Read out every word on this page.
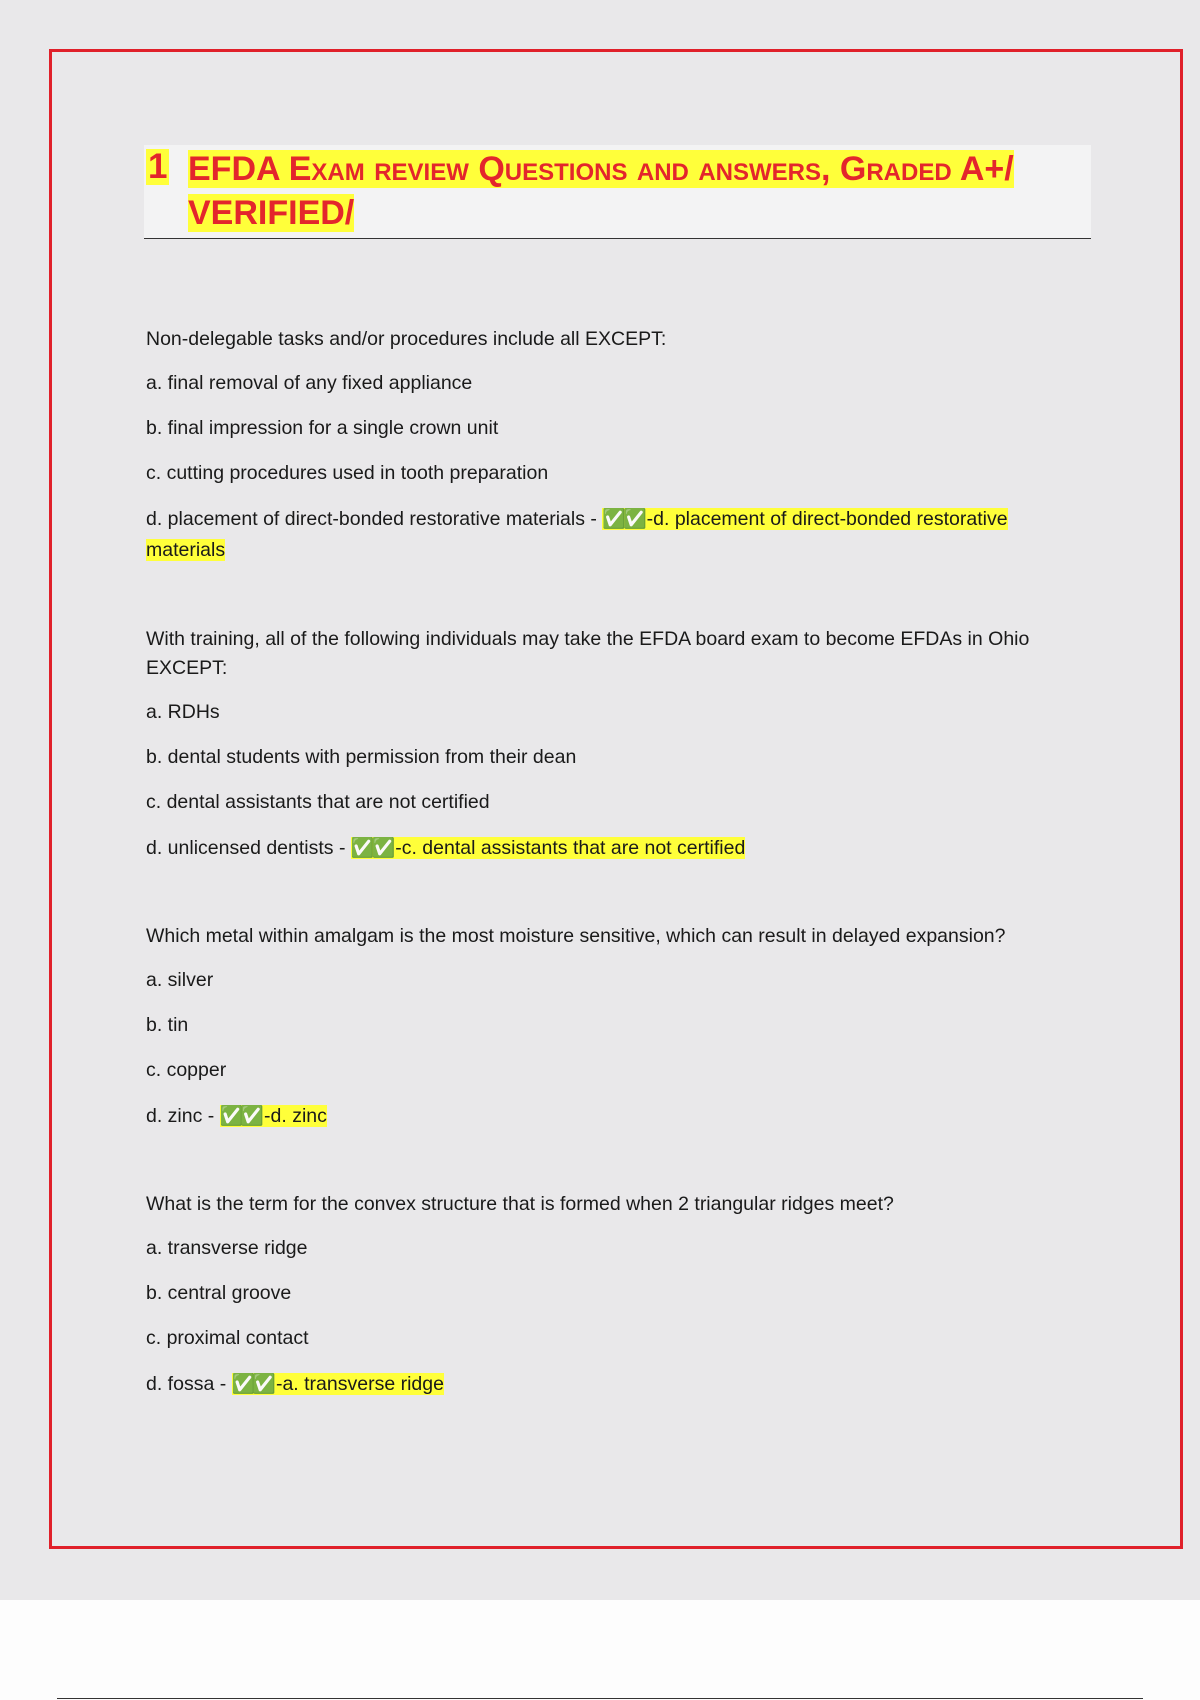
1 EFDA Exam review Questions and answers, Graded A+/ VERIFIED/

Non-delegable tasks and/or procedures include all EXCEPT:

a. final removal of any fixed appliance

b. final impression for a single crown unit

c. cutting procedures used in tooth preparation

d. placement of direct-bonded restorative materials - ✅✅ -d. placement of direct-bonded restorative materials

With training, all of the following individuals may take the EFDA board exam to become EFDAs in Ohio EXCEPT:

a. RDHs

b. dental students with permission from their dean

c. dental assistants that are not certified

d. unlicensed dentists - ✅✅ -c. dental assistants that are not certified

Which metal within amalgam is the most moisture sensitive, which can result in delayed expansion?

a. silver

b. tin

c. copper

d. zinc - ✅✅ -d. zinc

What is the term for the convex structure that is formed when 2 triangular ridges meet?

a. transverse ridge

b. central groove

c. proximal contact

d. fossa - ✅✅ -a. transverse ridge
